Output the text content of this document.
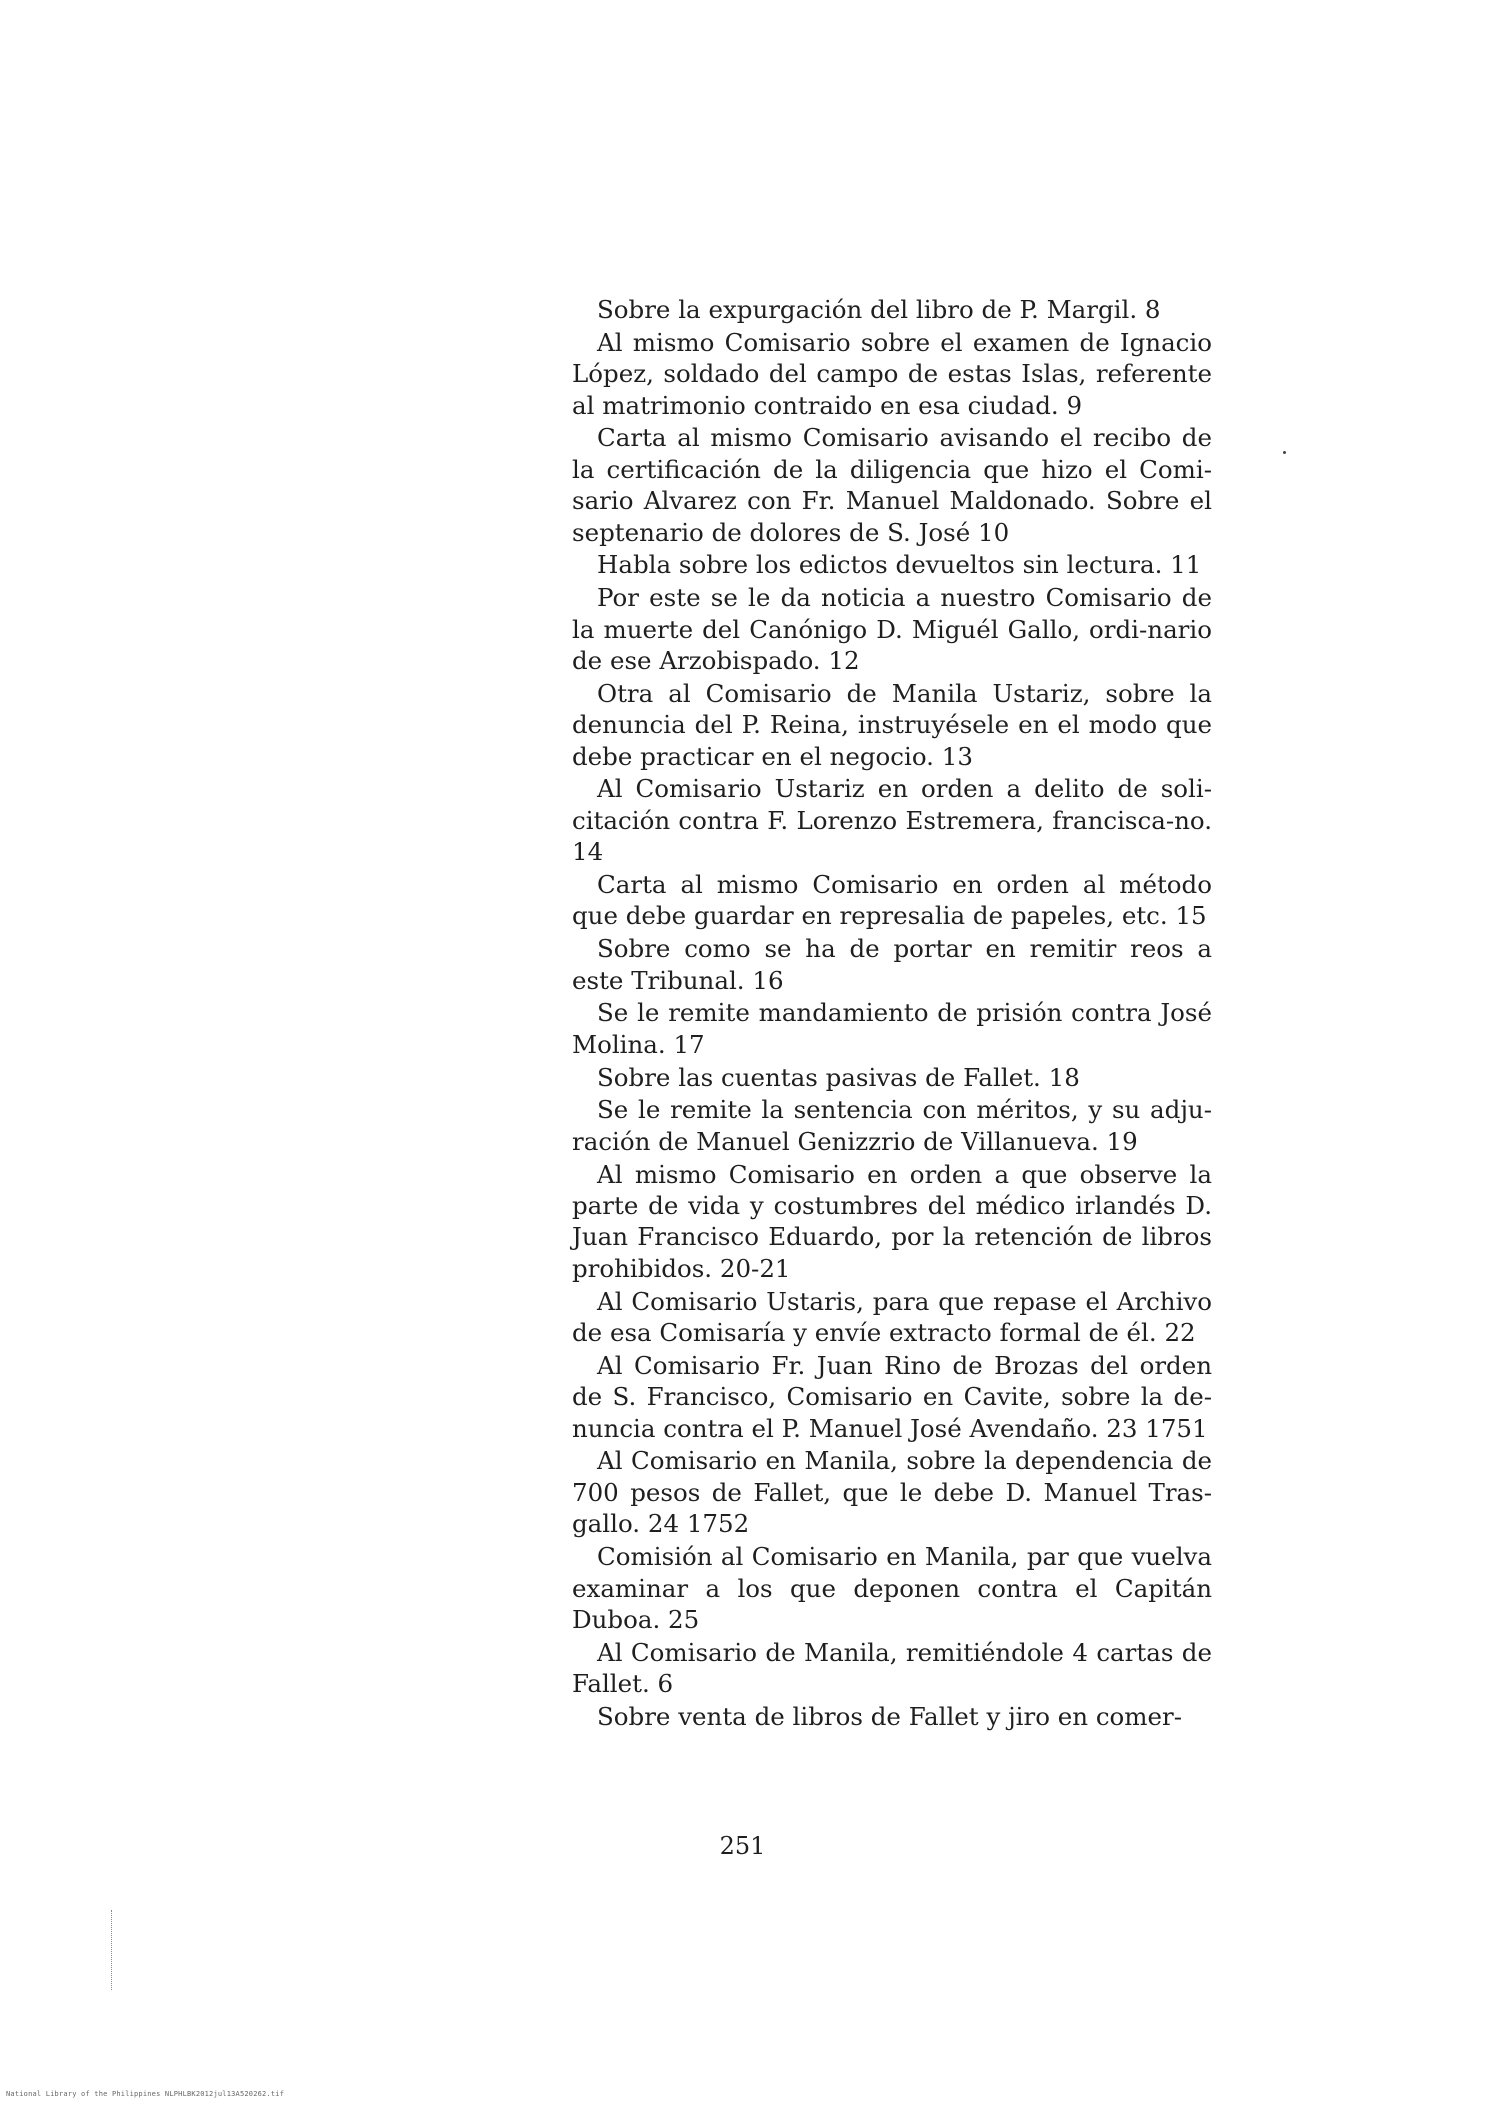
Sobre la expurgación del libro de P. Margil. 8

Al mismo Comisario sobre el examen de Ignacio López, soldado del campo de estas Islas, referente al matrimonio contraido en esa ciudad. 9

Carta al mismo Comisario avisando el recibo de la certificación de la diligencia que hizo el Comi-sario Alvarez con Fr. Manuel Maldonado. Sobre el septenario de dolores de S. José 10

Habla sobre los edictos devueltos sin lectura. 11

Por este se le da noticia a nuestro Comisario de la muerte del Canónigo D. Miguél Gallo, ordi-nario de ese Arzobispado. 12

Otra al Comisario de Manila Ustariz, sobre la denuncia del P. Reina, instruyésele en el modo que debe practicar en el negocio. 13

Al Comisario Ustariz en orden a delito de soli-citación contra F. Lorenzo Estremera, francisca-no. 14

Carta al mismo Comisario en orden al método que debe guardar en represalia de papeles, etc. 15

Sobre como se ha de portar en remitir reos a este Tribunal. 16

Se le remite mandamiento de prisión contra José Molina. 17

Sobre las cuentas pasivas de Fallet. 18

Se le remite la sentencia con méritos, y su adju-ración de Manuel Genizzrio de Villanueva. 19

Al mismo Comisario en orden a que observe la parte de vida y costumbres del médico irlandés D. Juan Francisco Eduardo, por la retención de libros prohibidos. 20-21

Al Comisario Ustaris, para que repase el Archivo de esa Comisaría y envíe extracto formal de él. 22

Al Comisario Fr. Juan Rino de Brozas del orden de S. Francisco, Comisario en Cavite, sobre la de-nuncia contra el P. Manuel José Avendaño. 23 1751

Al Comisario en Manila, sobre la dependencia de 700 pesos de Fallet, que le debe D. Manuel Tras-gallo. 24 1752

Comisión al Comisario en Manila, par que vuelva examinar a los que deponen contra el Capitán Duboa. 25

Al Comisario de Manila, remitiéndole 4 cartas de Fallet. 6

Sobre venta de libros de Fallet y jiro en comer-

251
National Library of the Philippines NLPHLBK2012jul13A520262.tif
